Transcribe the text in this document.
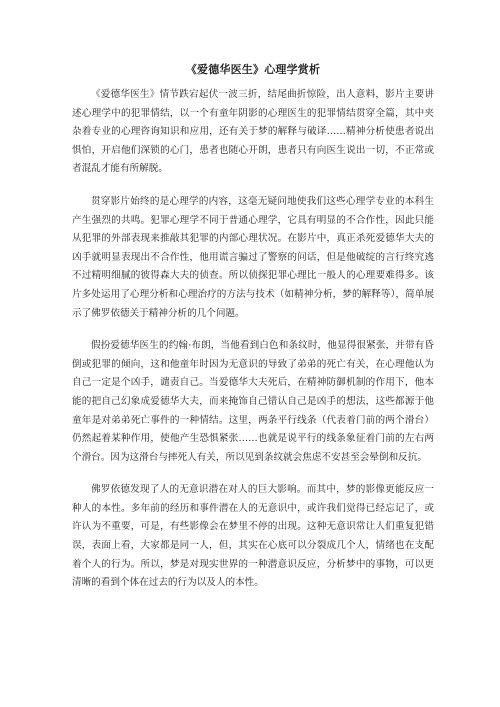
《爱德华医生》心理学赏析

《爱德华医生》情节跌宕起伏一波三折，结尾曲折惊险，出人意料，影片主要讲述心理学中的犯罪情结，以一个有童年阴影的心理医生的犯罪情结贯穿全篇，其中夹杂着专业的心理咨询知识和应用，还有关于梦的解释与破译……精神分析使患者说出惧怕，开启他们深锁的心门，患者也随心开朗，患者只有向医生说出一切，不正常或者混乱才能有所解脱。

贯穿影片始终的是心理学的内容，这毫无疑问地使我们这些心理学专业的本科生产生强烈的共鸣。犯罪心理学不同于普通心理学，它具有明显的不合作性，因此只能从犯罪的外部表现来推敲其犯罪的内部心理状况。在影片中，真正杀死爱德华大夫的凶手就明显表现出不合作性，他用谎言骗过了警察的问话，但是他破绽的言行终究逃不过精明细腻的彼得森大夫的侦查。所以侦探犯罪心理比一般人的心理要难得多。该片多处运用了心理分析和心理治疗的方法与技术（如精神分析，梦的解释等），简单展示了佛罗依德关于精神分析的几个问题。

假扮爱德华医生的约翰·布朗，当他看到白色和条纹时，他显得很紧张，并带有昏倒或犯罪的倾向，这和他童年时因为无意识的导致了弟弟的死亡有关，在心理他认为自己一定是个凶手，谴责自己。当爱德华大夫死后，在精神防御机制的作用下，他本能的把自己幻象成爱德华大夫，而来掩饰自己错认自己是凶手的想法，这些都源于他童年是对弟弟死亡事件的一种情结。这里，两条平行线条（代表着门前的两个滑台）仍然起着某种作用，使他产生恐惧紧张……也就是说平行的线条象征着门前的左右两个滑台。因为这滑台与摔死人有关，所以见到条纹就会焦虑不安甚至会晕倒和反抗。

佛罗依德发现了人的无意识潜在对人的巨大影响。而其中，梦的影像更能反应一种人的本性。多年前的经历和事件潜在人的无意识中，或许我们觉得已经忘记了，或许认为不重要，可是，有些影像会在梦里不停的出现。这种无意识常让人们重复犯错误，表面上看，大家都是同一人，但，其实在心底可以分裂成几个人，情绪也在支配着个人的行为。所以，梦是对现实世界的一种潜意识反应，分析梦中的事物，可以更清晰的看到个体在过去的行为以及人的本性。
